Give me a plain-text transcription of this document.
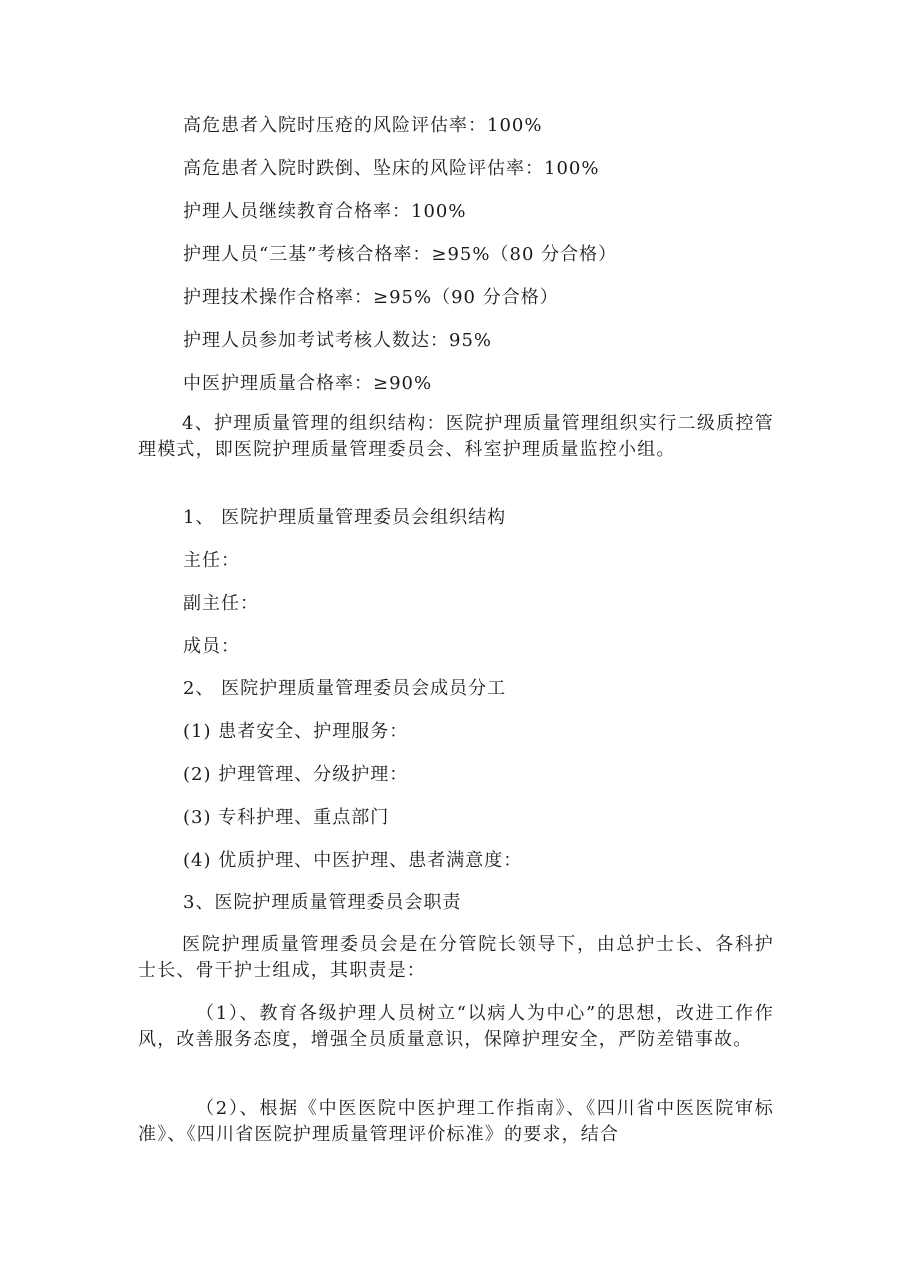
高危患者入院时压疮的风险评估率：100%
高危患者入院时跌倒、坠床的风险评估率：100%
护理人员继续教育合格率：100%
护理人员“三基”考核合格率：≥95%（80 分合格）
护理技术操作合格率：≥95%（90 分合格）
护理人员参加考试考核人数达：95%
中医护理质量合格率：≥90%
4、护理质量管理的组织结构：医院护理质量管理组织实行二级质控管理模式，即医院护理质量管理委员会、科室护理质量监控小组。
1、 医院护理质量管理委员会组织结构
主任：
副主任：
成员：
2、 医院护理质量管理委员会成员分工
(1) 患者安全、护理服务：
(2) 护理管理、分级护理：
(3) 专科护理、重点部门
(4) 优质护理、中医护理、患者满意度：
3、医院护理质量管理委员会职责
医院护理质量管理委员会是在分管院长领导下，由总护士长、各科护士长、骨干护士组成，其职责是：
（1）、教育各级护理人员树立“以病人为中心”的思想，改进工作作风，改善服务态度，增强全员质量意识，保障护理安全，严防差错事故。
（2）、根据《中医医院中医护理工作指南》、《四川省中医医院审标准》、《四川省医院护理质量管理评价标准》的要求，结合
